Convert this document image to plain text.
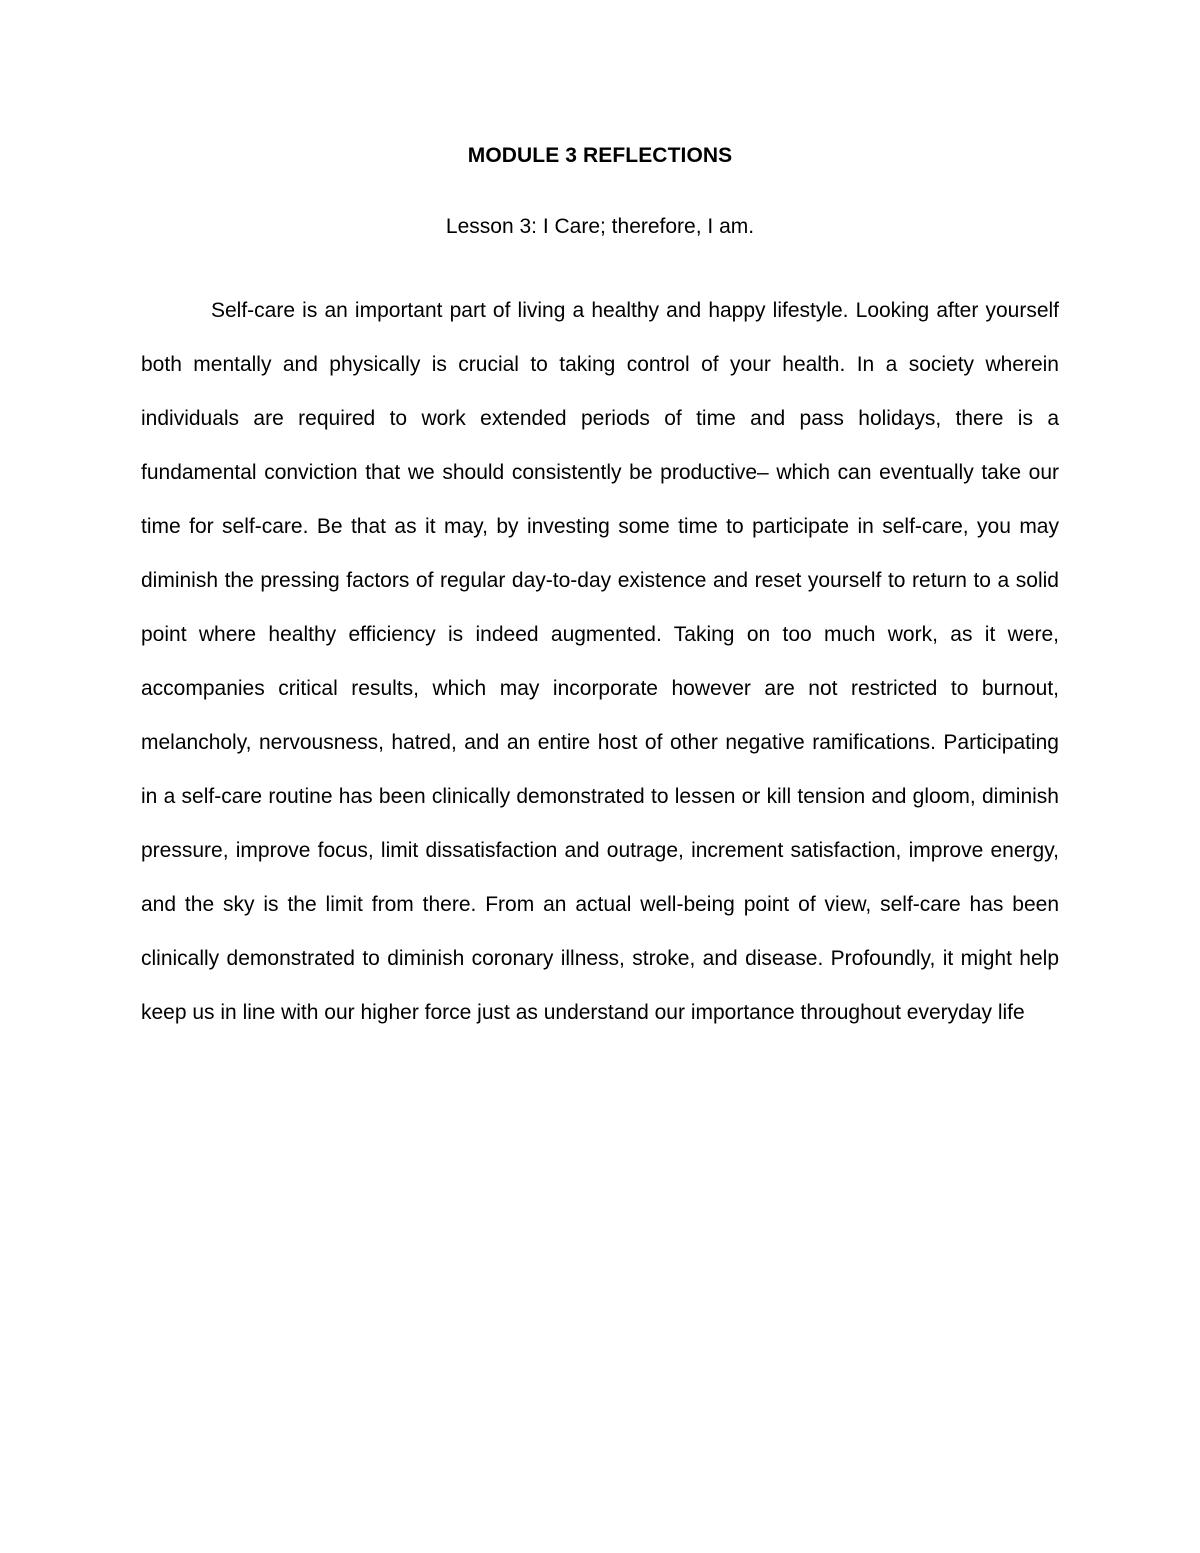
MODULE 3 REFLECTIONS
Lesson 3: I Care; therefore, I am.
Self-care is an important part of living a healthy and happy lifestyle. Looking after yourself both mentally and physically is crucial to taking control of your health. In a society wherein individuals are required to work extended periods of time and pass holidays, there is a fundamental conviction that we should consistently be productive– which can eventually take our time for self-care. Be that as it may, by investing some time to participate in self-care, you may diminish the pressing factors of regular day-to-day existence and reset yourself to return to a solid point where healthy efficiency is indeed augmented. Taking on too much work, as it were, accompanies critical results, which may incorporate however are not restricted to burnout, melancholy, nervousness, hatred, and an entire host of other negative ramifications. Participating in a self-care routine has been clinically demonstrated to lessen or kill tension and gloom, diminish pressure, improve focus, limit dissatisfaction and outrage, increment satisfaction, improve energy, and the sky is the limit from there. From an actual well-being point of view, self-care has been clinically demonstrated to diminish coronary illness, stroke, and disease. Profoundly, it might help keep us in line with our higher force just as understand our importance throughout everyday life
